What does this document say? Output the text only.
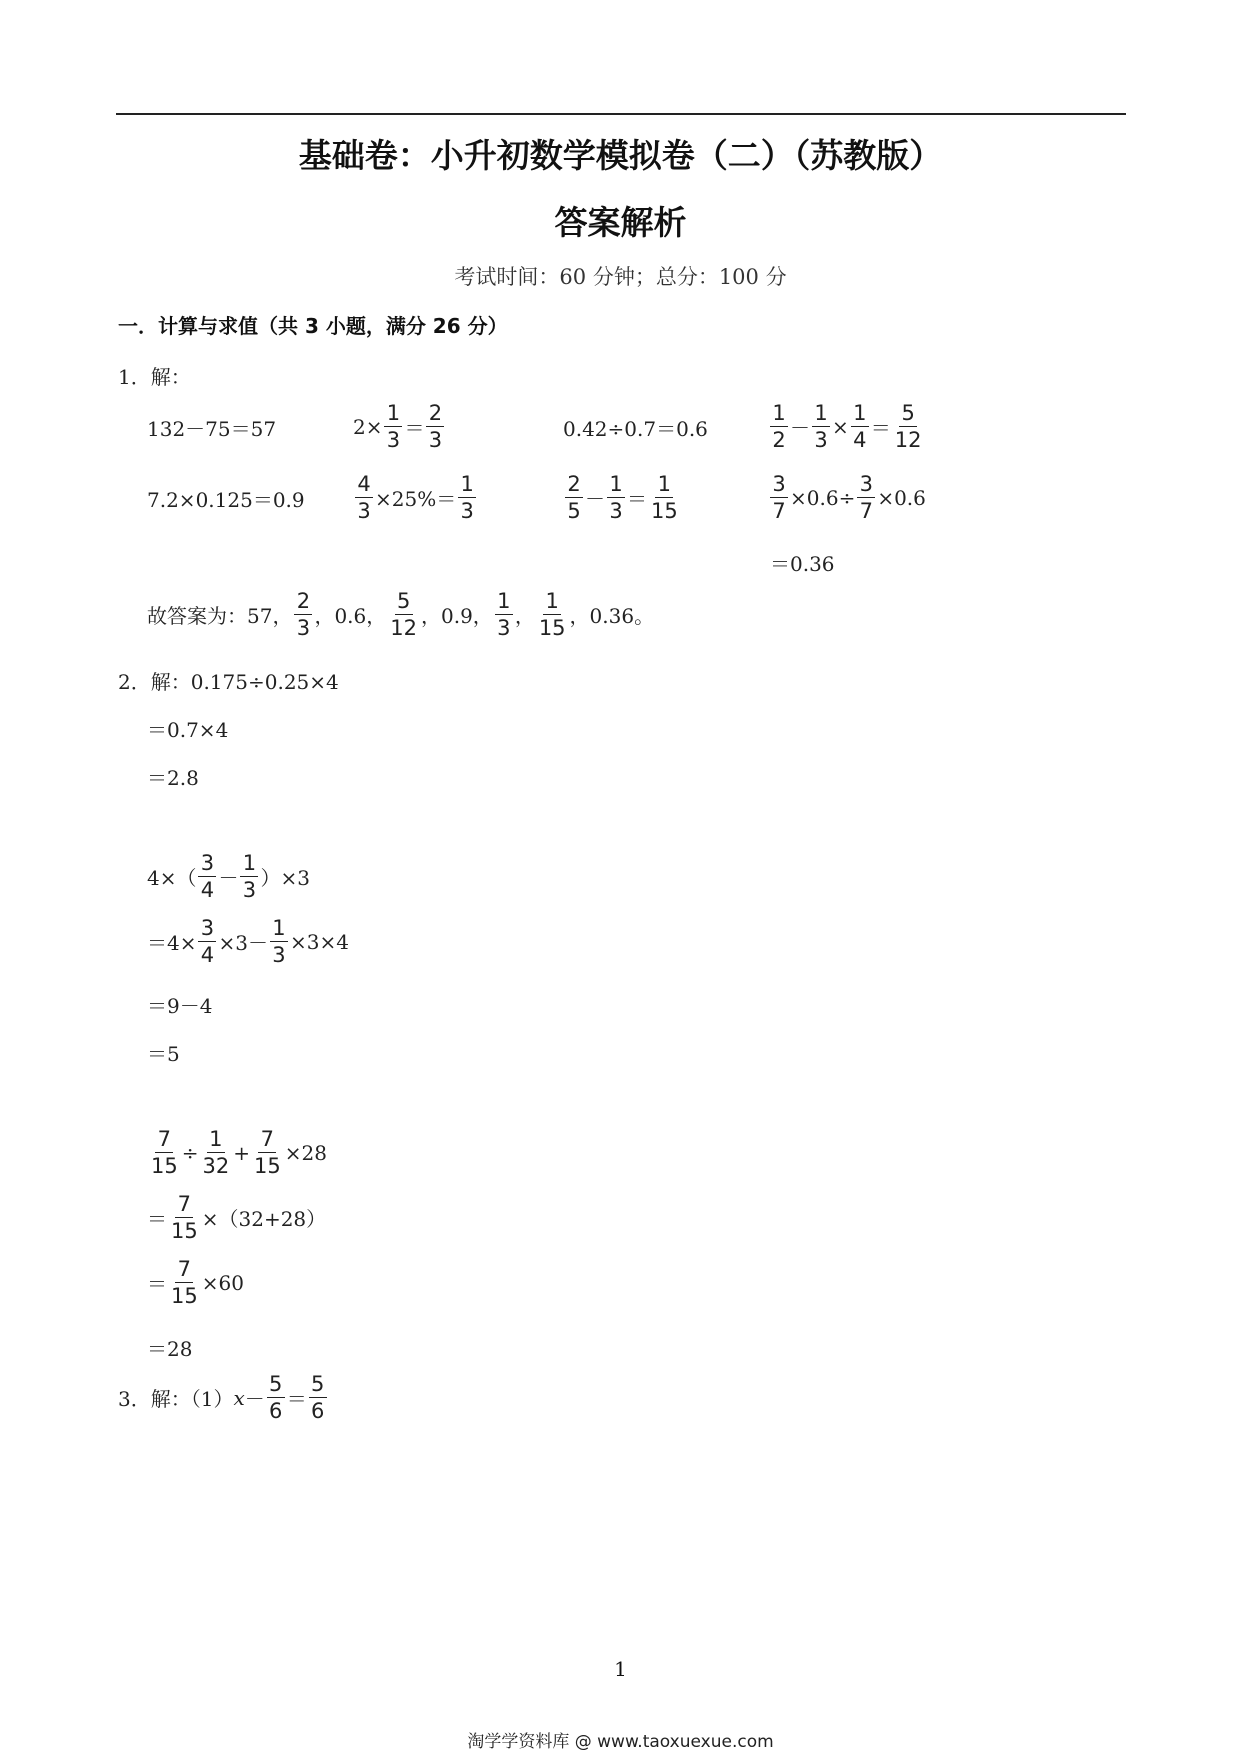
基础卷：小升初数学模拟卷（二）（苏教版）
答案解析
考试时间：60 分钟；总分：100 分
一．计算与求值（共 3 小题，满分 26 分）
1．解：
132－75＝57	$2\times \frac{1}{3} = \frac{2}{3}$	0.42÷0.7＝0.6	$\frac{1}{2} - \frac{1}{3} \times \frac{1}{4} = \frac{5}{12}$
$7.2\times 0.125=0.9 \frac{4}{3} \times 25\%= \frac{1}{3}$	$\frac{2}{5} - \frac{1}{3} = \frac{1}{15}$	$\frac{3}{7} \times 0.6\div \frac{3}{7} \times 0.6$
＝0.36
故答案为：57， $\frac{2}{3}$ ，0.6， $\frac{5}{12}$ ，0.9， $\frac{1}{3}$ ， $\frac{1}{15}$ ，0.36。
2．解：0.175÷0.25×4
＝0.7×4
＝2.8
$4\times( \frac{3}{4} - \frac{1}{3} )\times 3$
$=4\times \frac{3}{4} \times 3- \frac{1}{3} \times 3\times 4$
＝9－4
＝5
$\frac{7}{15} \div \frac{1}{32} + \frac{7}{15} \times 28$
＝ $\frac{7}{15} \times(32+28)$
＝ $\frac{7}{15} \times 60$
＝28
3．解：（1） $x - \frac{5}{6} = \frac{5}{6}$
1
淘学学资料库 @ www.taoxuexue.com
